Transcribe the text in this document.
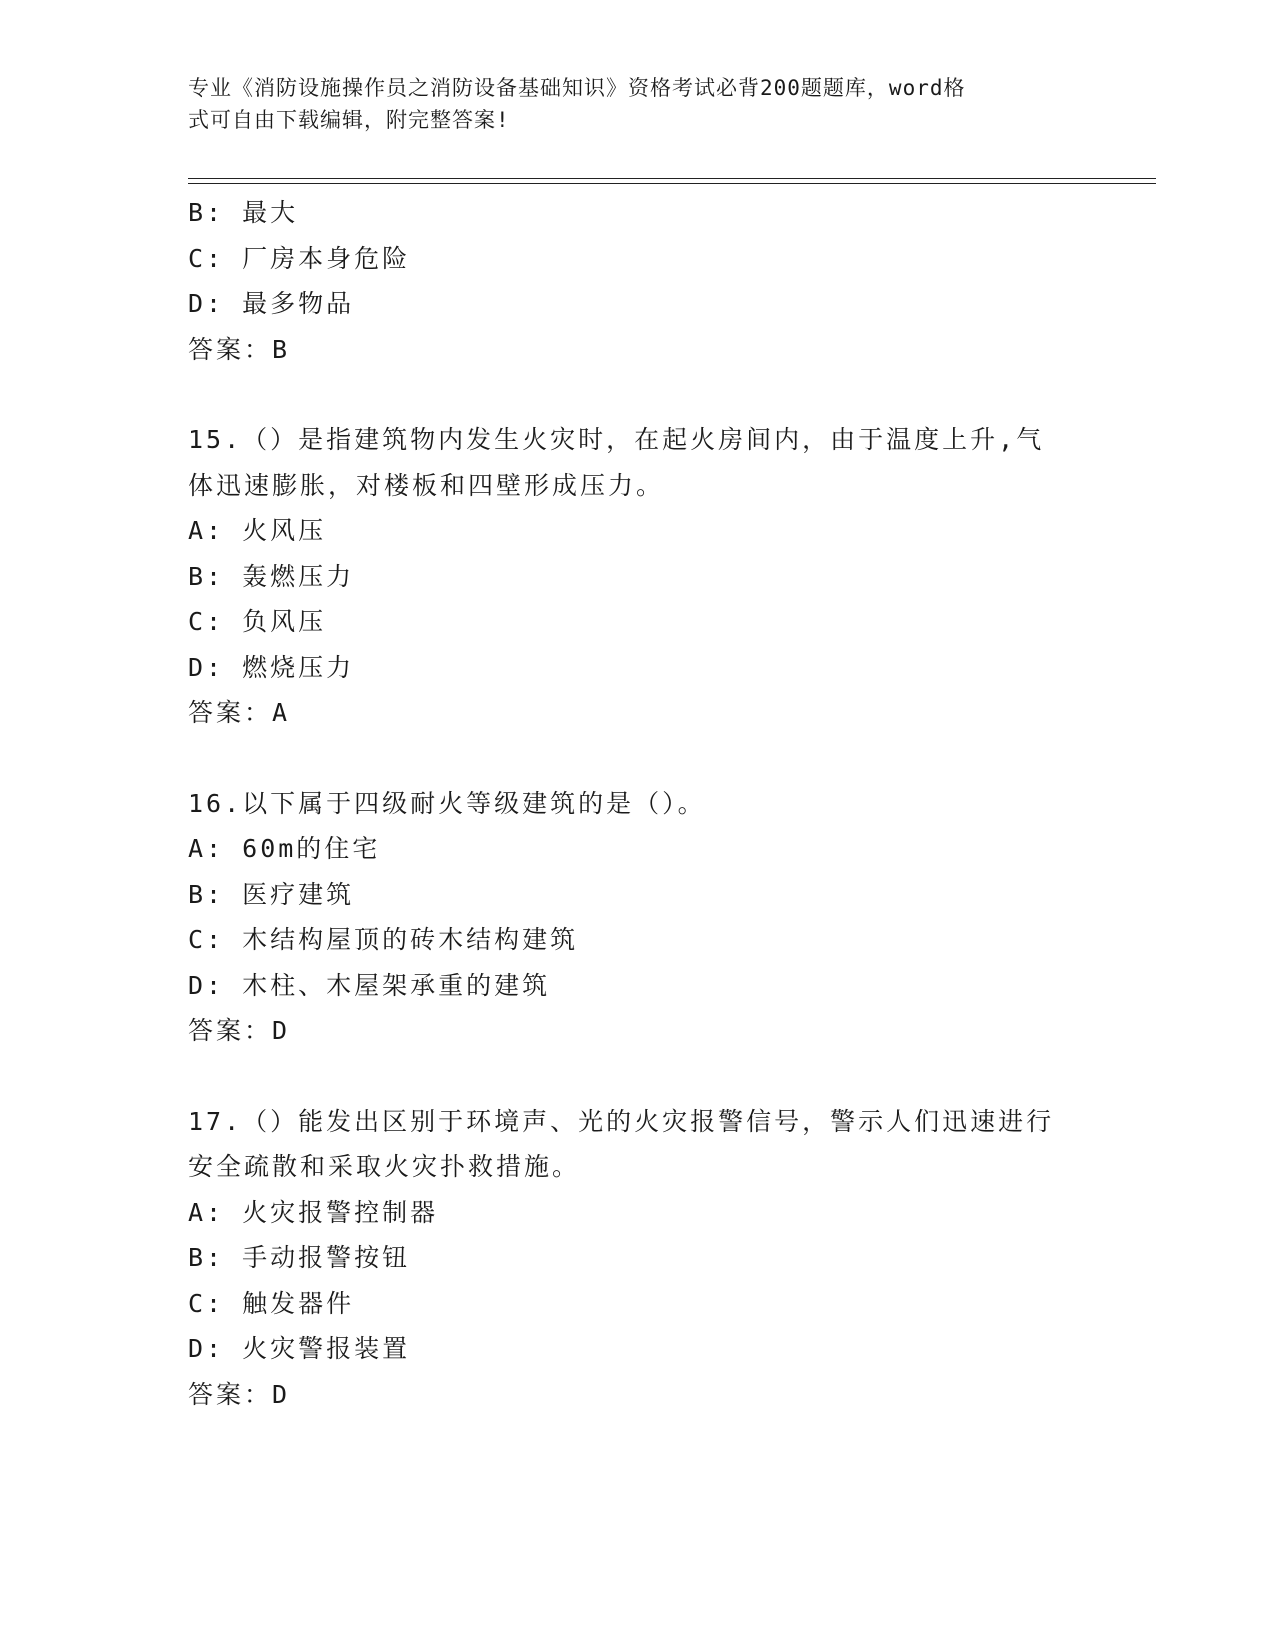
专业《消防设施操作员之消防设备基础知识》资格考试必背200题题库，word格
式可自由下载编辑，附完整答案!
B: 最大
C: 厂房本身危险
D: 最多物品
答案：B
15.（）是指建筑物内发生火灾时，在起火房间内，由于温度上升,气
体迅速膨胀，对楼板和四壁形成压力。
A: 火风压
B: 轰燃压力
C: 负风压
D: 燃烧压力
答案：A
16.以下属于四级耐火等级建筑的是（）。
A: 60m的住宅
B: 医疗建筑
C: 木结构屋顶的砖木结构建筑
D: 木柱、木屋架承重的建筑
答案：D
17.（）能发出区别于环境声、光的火灾报警信号，警示人们迅速进行
安全疏散和采取火灾扑救措施。
A: 火灾报警控制器
B: 手动报警按钮
C: 触发器件
D: 火灾警报装置
答案：D
